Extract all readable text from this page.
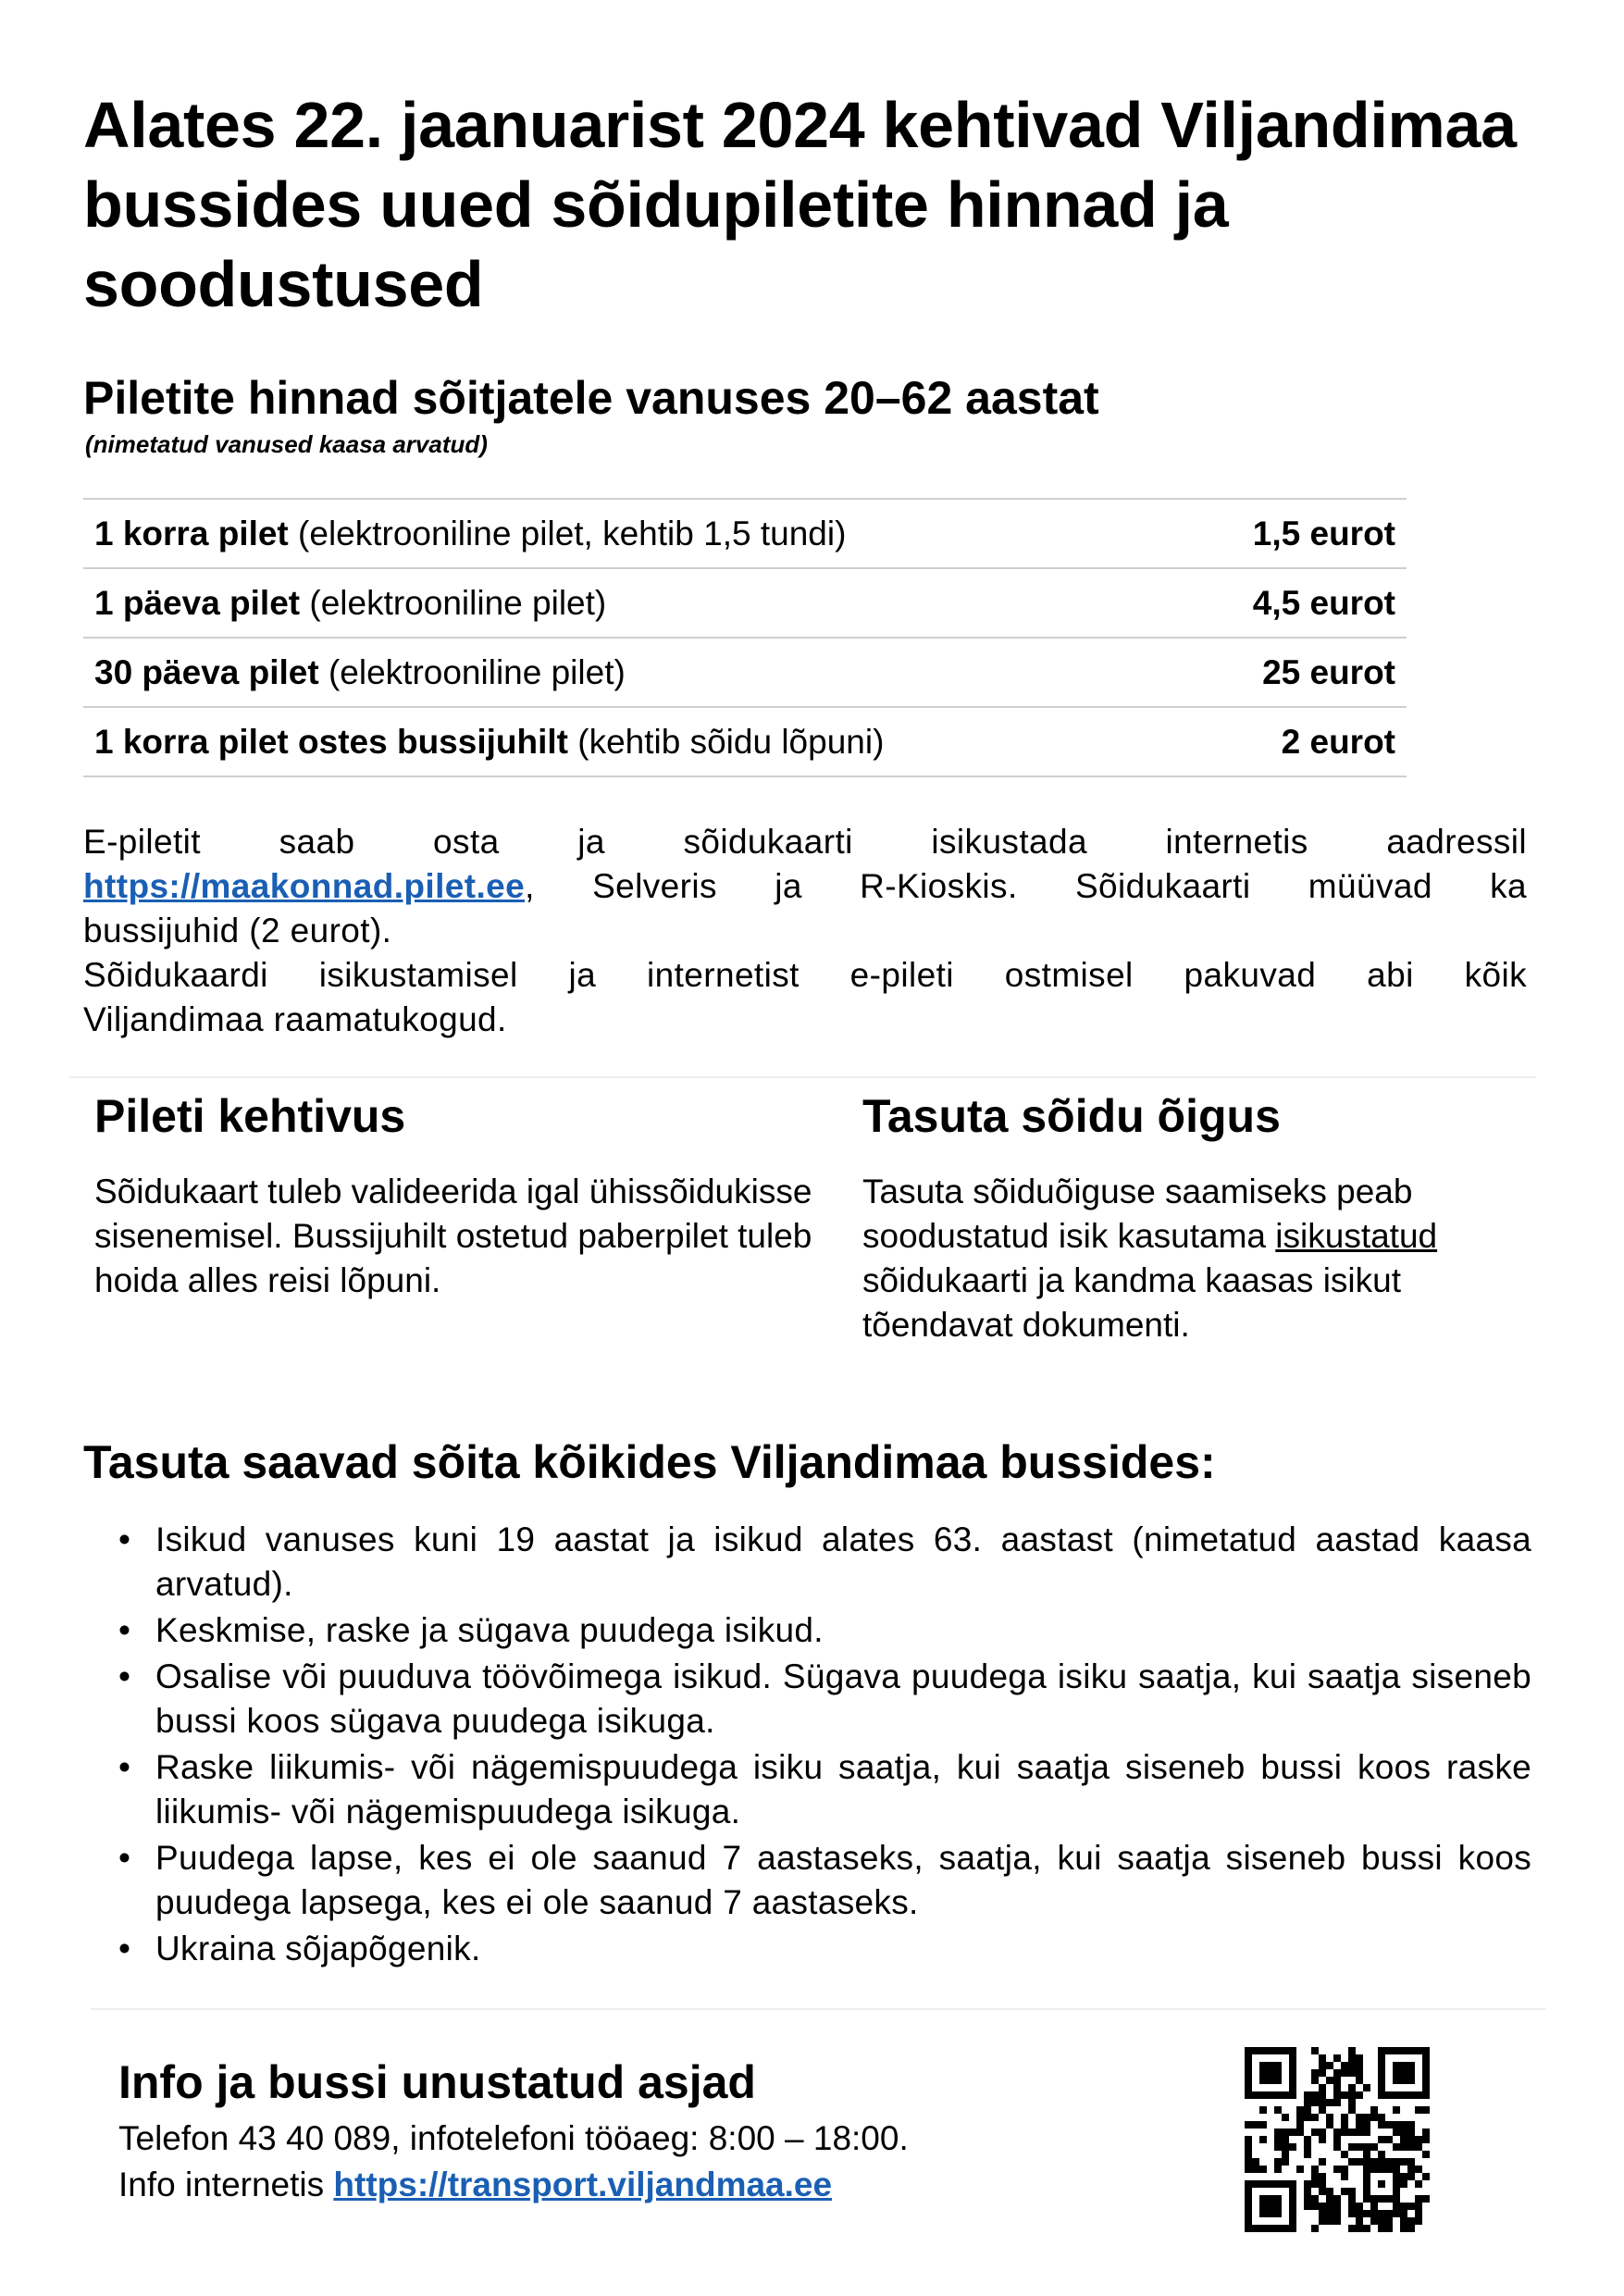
Alates 22. jaanuarist 2024 kehtivad Viljandimaa bussides uued sõidupiletite hinnad ja soodustused
Piletite hinnad sõitjatele vanuses 20–62 aastat
(nimetatud vanused kaasa arvatud)
1 korra pilet (elektrooniline pilet, kehtib 1,5 tundi)	1,5 eurot
1 päeva pilet (elektrooniline pilet)	4,5 eurot
30 päeva pilet (elektrooniline pilet)	25 eurot
1 korra pilet ostes bussijuhilt (kehtib sõidu lõpuni)	2 eurot
E-piletit saab osta ja sõidukaarti isikustada internetis aadressil
https://maakonnad.pilet.ee, Selveris ja R-Kioskis. Sõidukaarti müüvad ka
bussijuhid (2 eurot).
Sõidukaardi isikustamisel ja internetist e-pileti ostmisel pakuvad abi kõik
Viljandimaa raamatukogud.
Pileti kehtivus

Sõidukaart tuleb valideerida igal ühissõidukisse sisenemisel. Bussijuhilt ostetud paberpilet tuleb hoida alles reisi lõpuni.

Tasuta sõidu õigus

Tasuta sõiduõiguse saamiseks peab soodustatud isik kasutama isikustatud sõidukaarti ja kandma kaasas isikut tõendavat dokumenti.

Tasuta saavad sõita kõikides Viljandimaa bussides:
• Isikud vanuses kuni 19 aastat ja isikud alates 63. aastast (nimetatud aastad kaasa arvatud).
• Keskmise, raske ja sügava puudega isikud.
• Osalise või puuduva töövõimega isikud. Sügava puudega isiku saatja, kui saatja siseneb bussi koos sügava puudega isikuga.
• Raske liikumis- või nägemispuudega isiku saatja, kui saatja siseneb bussi koos raske liikumis- või nägemispuudega isikuga.
• Puudega lapse, kes ei ole saanud 7 aastaseks, saatja, kui saatja siseneb bussi koos puudega lapsega, kes ei ole saanud 7 aastaseks.
• Ukraina sõjapõgenik.
Info ja bussi unustatud asjad

Telefon 43 40 089, infotelefoni tööaeg: 8:00 – 18:00.

Info internetis https://transport.viljandmaa.ee
